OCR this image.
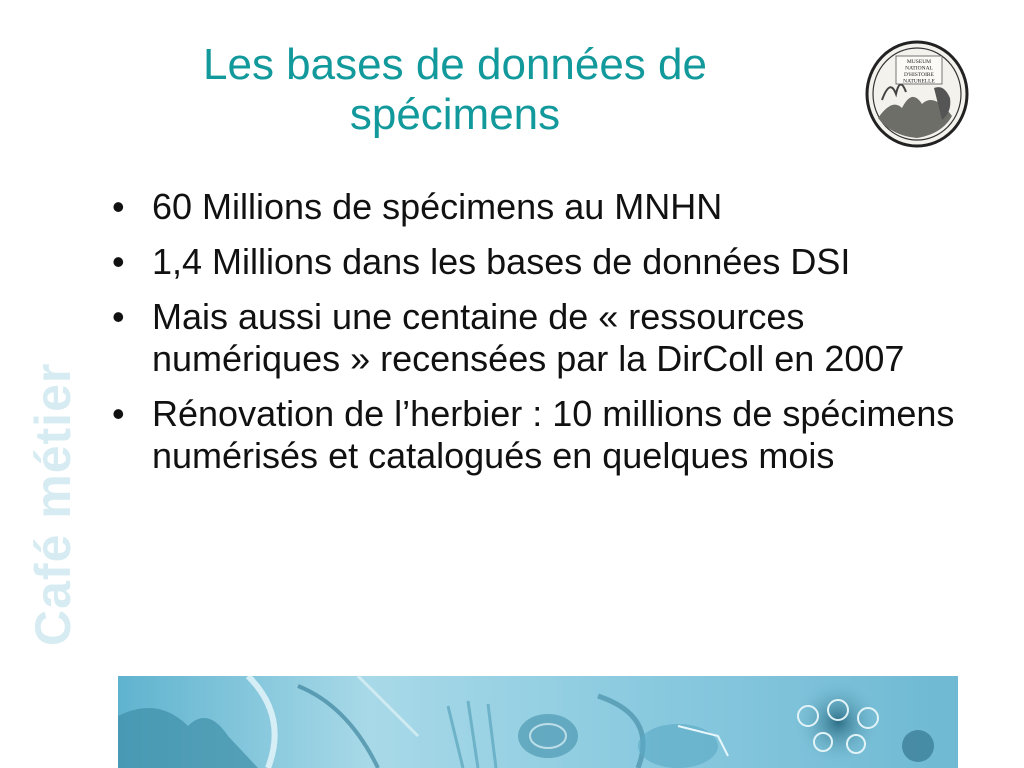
Les bases de données de
spécimens
Café métier
MUSEUM
NATIONAL
D'HISTOIRE
NATURELLE
• 60 Millions de spécimens au MNHN
• 1,4 Millions dans les bases de données DSI
• Mais aussi une centaine de « ressources numériques » recensées par la DirColl en 2007
• Rénovation de l’herbier : 10 millions de spécimens numérisés et catalogués en quelques mois
